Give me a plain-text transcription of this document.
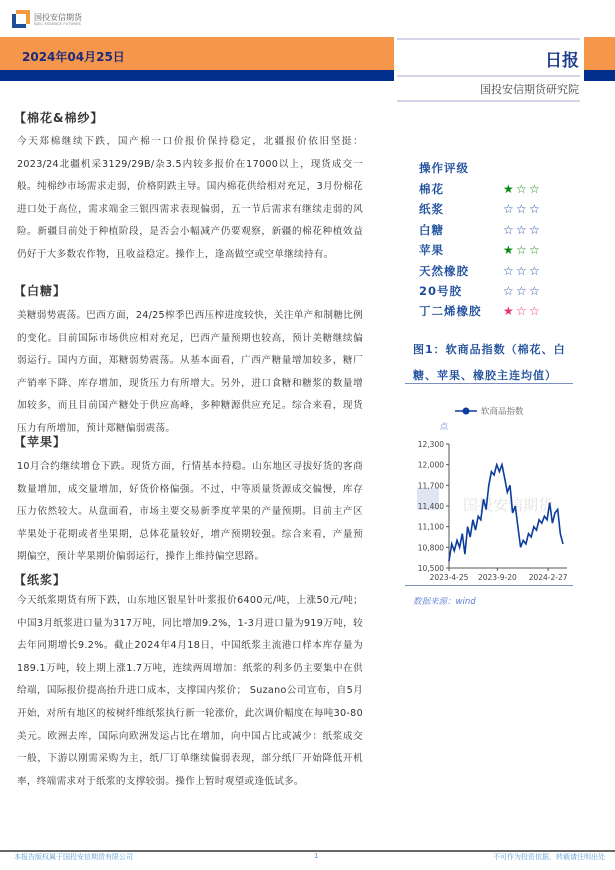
国投安信期货
SDIC ESSENCE FUTURES
2024年04月25日	日报
国投安信期货研究院
【棉花&棉纱】
今天郑棉继续下跌，国产棉一口价报价保持稳定，北疆报价依旧坚挺：2023/24北疆机采3129/29B/杂3.5内较多报价在17000以上，现货成交一般。纯棉纱市场需求走弱，价格阴跌主导。国内棉花供给相对充足，3月份棉花进口处于高位，需求端金三银四需求表现偏弱，五一节后需求有继续走弱的风险。新疆目前处于种植阶段，是否会小幅减产仍要观察，新疆的棉花种植效益仍好于大多数农作物，且收益稳定。操作上，逢高做空或空单继续持有。
【白糖】
美糖弱势震荡。巴西方面，24/25榨季巴西压榨进度较快，关注单产和制糖比例的变化。目前国际市场供应相对充足，巴西产量预期也较高，预计美糖继续偏弱运行。国内方面，郑糖弱势震荡。从基本面看，广西产糖量增加较多，糖厂产销率下降、库存增加，现货压力有所增大。另外，进口食糖和糖浆的数量增加较多，而且目前国产糖处于供应高峰，多种糖源供应充足。综合来看，现货压力有所增加，预计郑糖偏弱震荡。
【苹果】
10月合约继续增仓下跌。现货方面，行情基本持稳。山东地区寻拔好货的客商数量增加，成交量增加，好货价格偏强。不过，中等质量货源成交偏慢，库存压力依然较大。从盘面看，市场主要交易新季度苹果的产量预期。目前主产区苹果处于花期或者坐果期，总体花量较好，增产预期较强。综合来看，产量预期偏空，预计苹果期价偏弱运行，操作上维持偏空思路。
【纸浆】
今天纸浆期货有所下跌，山东地区银星针叶浆报价6400元/吨，上涨50元/吨；中国3月纸浆进口量为317万吨，同比增加9.2%，1-3月进口量为919万吨，较去年同期增长9.2%。截止2024年4月18日，中国纸浆主流港口样本库存量为189.1万吨，较上期上涨1.7万吨，连续两周增加：纸浆的利多仍主要集中在供给端，国际报价提高抬升进口成本，支撑国内浆价； Suzano公司宣布，自5月开始，对所有地区的桉树纤维纸浆执行新一轮涨价，此次调价幅度在每吨30-80美元。欧洲去库，国际向欧洲发运占比在增加，向中国占比或减少：纸浆成交一般，下游以刚需采购为主，纸厂订单继续偏弱表现，部分纸厂开始降低开机率，终端需求对于纸浆的支撑较弱。操作上暂时观望或逢低试多。
操作评级
棉花	★ ☆ ☆
纸浆	☆ ☆ ☆
白糖	☆ ☆ ☆
苹果	★ ☆ ☆
天然橡胶	☆ ☆ ☆
20号胶	☆ ☆ ☆
丁二烯橡胶	★ ☆ ☆
图1：软商品指数（棉花、白糖、苹果、橡胶主连均值）
软商品指数
点
国投安信期货
10,500
10,800
11,100
11,400
11,700
12,000
12,300
2023-4-25 2023-9-20 2024-2-27
数据来源：wind
本报告版权属于国投安信期货有限公司	1	不可作为投资依据，转载请注明出处
